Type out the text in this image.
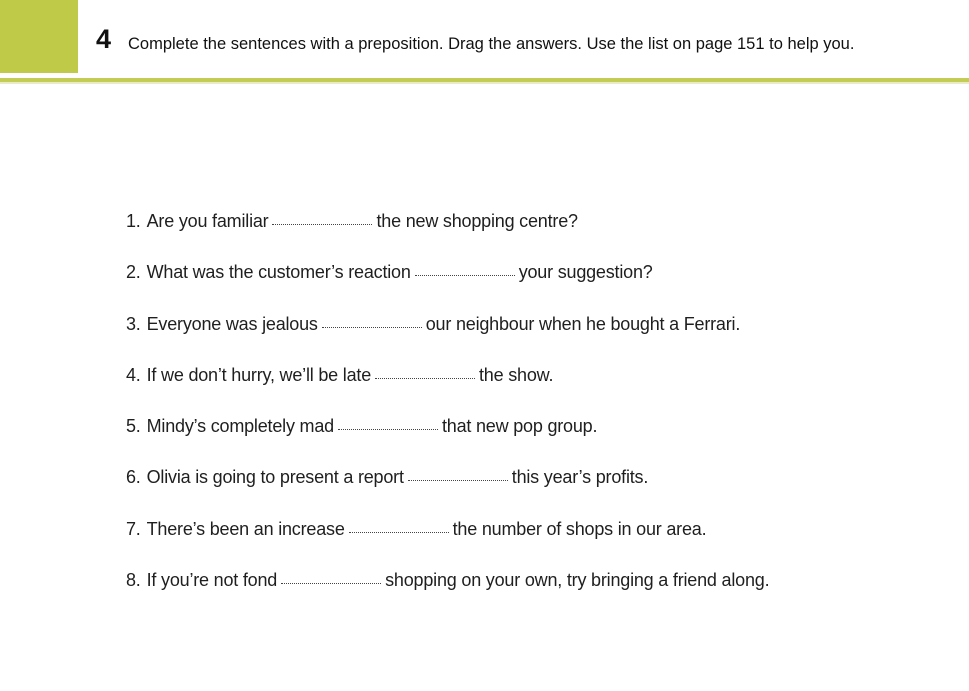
4 Complete the sentences with a preposition. Drag the answers. Use the list on page 151 to help you.
1. Are you familiar	the new shopping centre?
2. What was the customer’s reaction	your suggestion?
3. Everyone was jealous	our neighbour when he bought a Ferrari.
4. If we don’t hurry, we’ll be late	the show.
5. Mindy’s completely mad	that new pop group.
6. Olivia is going to present a report	this year’s profits.
7. There’s been an increase	the number of shops in our area.
8. If you’re not fond	shopping on your own, try bringing a friend along.
